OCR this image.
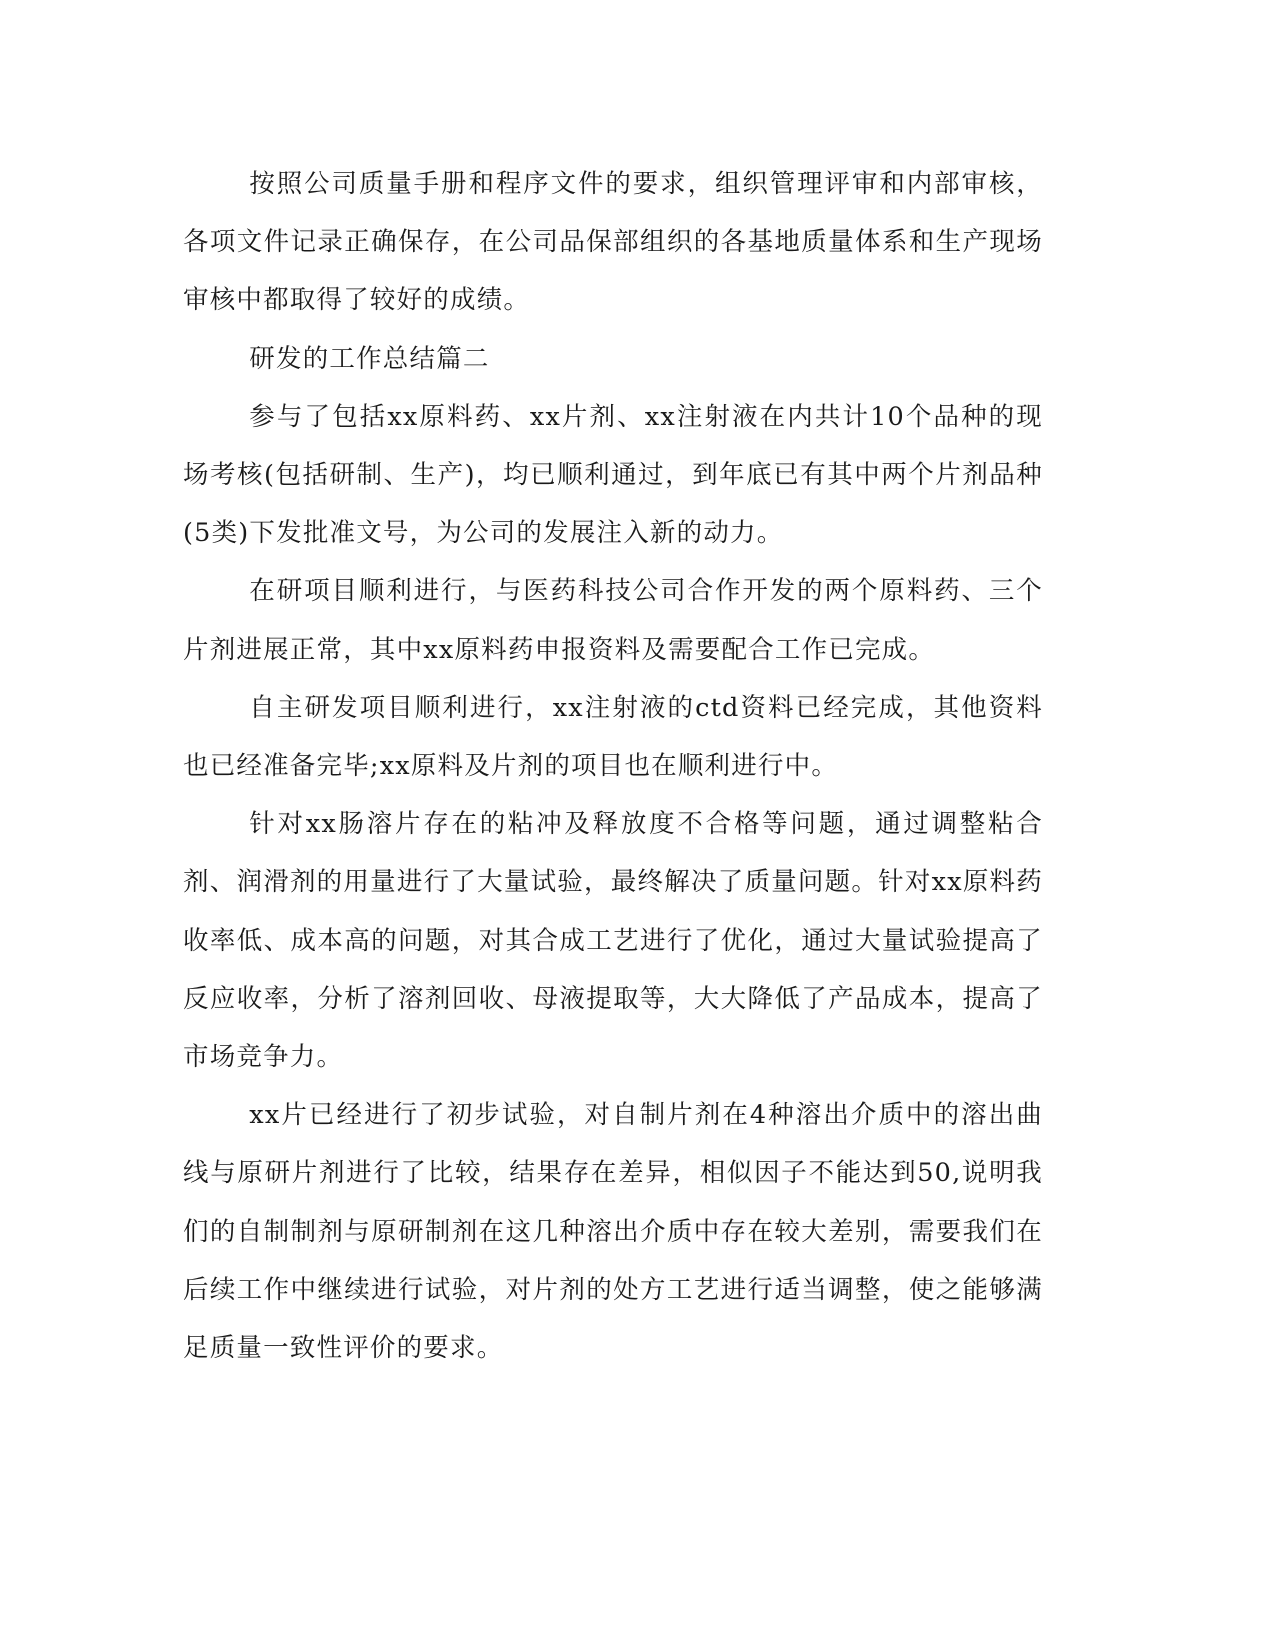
按照公司质量手册和程序文件的要求，组织管理评审和内部审核，各项文件记录正确保存，在公司品保部组织的各基地质量体系和生产现场审核中都取得了较好的成绩。

研发的工作总结篇二

参与了包括xx原料药、xx片剂、xx注射液在内共计10个品种的现场考核(包括研制、生产)，均已顺利通过，到年底已有其中两个片剂品种(5类)下发批准文号，为公司的发展注入新的动力。

在研项目顺利进行，与医药科技公司合作开发的两个原料药、三个片剂进展正常，其中xx原料药申报资料及需要配合工作已完成。

自主研发项目顺利进行，xx注射液的ctd资料已经完成，其他资料也已经准备完毕;xx原料及片剂的项目也在顺利进行中。

针对xx肠溶片存在的粘冲及释放度不合格等问题，通过调整粘合剂、润滑剂的用量进行了大量试验，最终解决了质量问题。针对xx原料药收率低、成本高的问题，对其合成工艺进行了优化，通过大量试验提高了反应收率，分析了溶剂回收、母液提取等，大大降低了产品成本，提高了市场竞争力。

xx片已经进行了初步试验，对自制片剂在4种溶出介质中的溶出曲线与原研片剂进行了比较，结果存在差异，相似因子不能达到50,说明我们的自制制剂与原研制剂在这几种溶出介质中存在较大差别，需要我们在后续工作中继续进行试验，对片剂的处方工艺进行适当调整，使之能够满足质量一致性评价的要求。
